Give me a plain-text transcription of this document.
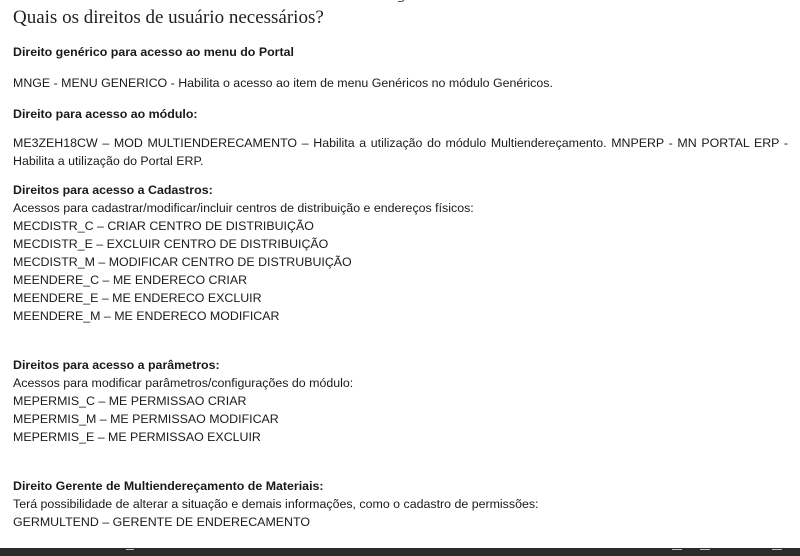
Quais os direitos de usuário necessários?
Direito genérico para acesso ao menu do Portal
MNGE - MENU GENERICO - Habilita o acesso ao item de menu Genéricos no módulo Genéricos.
Direito para acesso ao módulo:
ME3ZEH18CW – MOD MULTIENDERECAMENTO – Habilita a utilização do módulo Multiendereçamento. MNPERP - MN PORTAL ERP - Habilita a utilização do Portal ERP.
Direitos para acesso a Cadastros:
Acessos para cadastrar/modificar/incluir centros de distribuição e endereços físicos:
MECDISTR_C – CRIAR CENTRO DE DISTRIBUIÇÃO
MECDISTR_E – EXCLUIR CENTRO DE DISTRIBUIÇÃO
MECDISTR_M – MODIFICAR CENTRO DE DISTRUBUIÇÃO
MEENDERE_C – ME ENDERECO CRIAR
MEENDERE_E – ME ENDERECO EXCLUIR
MEENDERE_M – ME ENDERECO MODIFICAR
Direitos para acesso a parâmetros:
Acessos para modificar parâmetros/configurações do módulo:
MEPERMIS_C – ME PERMISSAO CRIAR
MEPERMIS_M – ME PERMISSAO MODIFICAR
MEPERMIS_E – ME PERMISSAO EXCLUIR
Direito Gerente de Multiendereçamento de Materiais:
Terá possibilidade de alterar a situação e demais informações, como o cadastro de permissões:
GERMULTEND – GERENTE DE ENDERECAMENTO
